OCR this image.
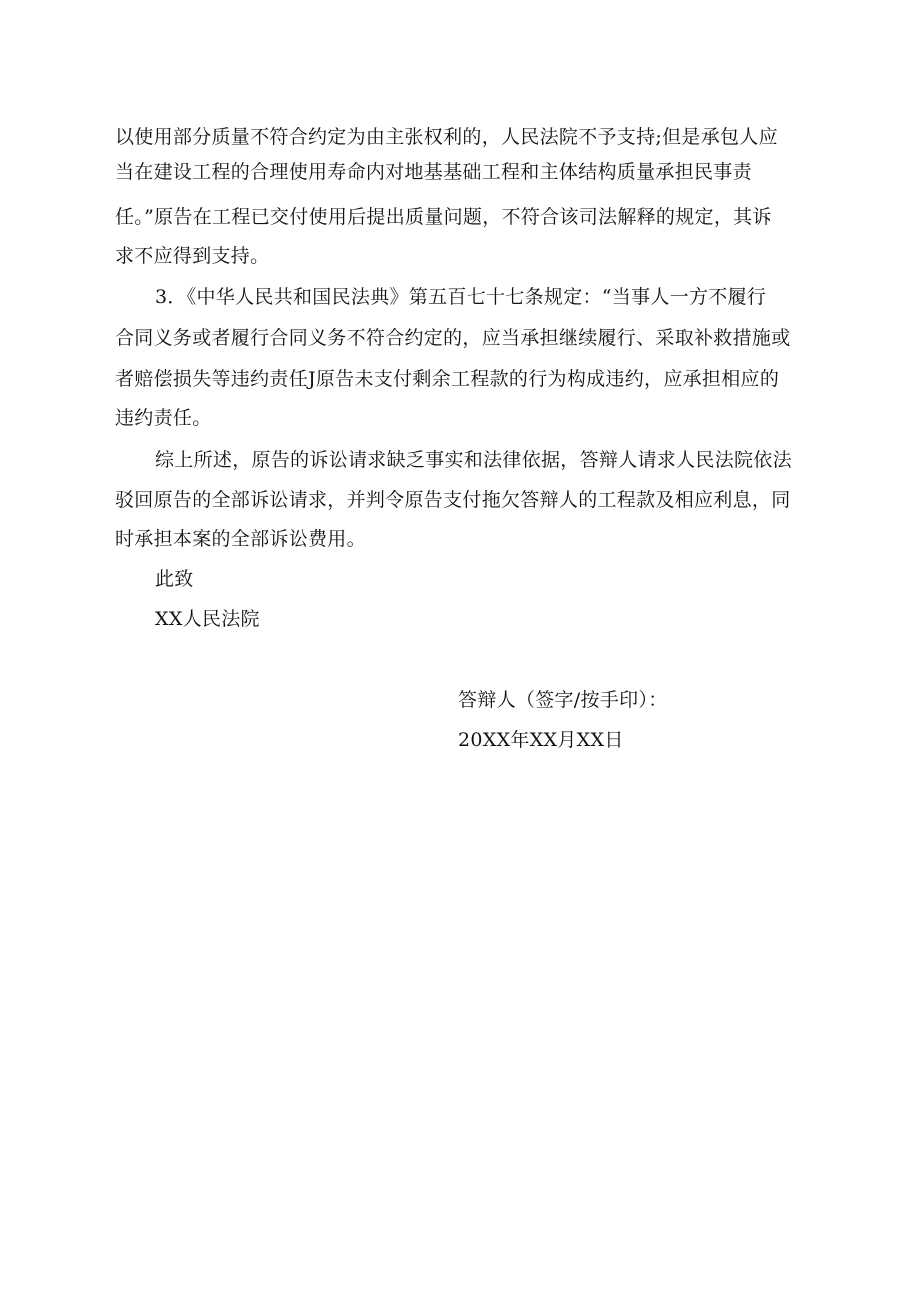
以使用部分质量不符合约定为由主张权利的，人民法院不予支持;但是承包人应
当在建设工程的合理使用寿命内对地基基础工程和主体结构质量承担民事责
任。”原告在工程已交付使用后提出质量问题，不符合该司法解释的规定，其诉
求不应得到支持。
3．《中华人民共和国民法典》第五百七十七条规定：“当事人一方不履行
合同义务或者履行合同义务不符合约定的，应当承担继续履行、采取补救措施或
者赔偿损失等违约责任J原告未支付剩余工程款的行为构成违约，应承担相应的
违约责任。
综上所述，原告的诉讼请求缺乏事实和法律依据，答辩人请求人民法院依法
驳回原告的全部诉讼请求，并判令原告支付拖欠答辩人的工程款及相应利息，同
时承担本案的全部诉讼费用。
此致
XX人民法院
答辩人（签字/按手印）：
20XX年XX月XX日
